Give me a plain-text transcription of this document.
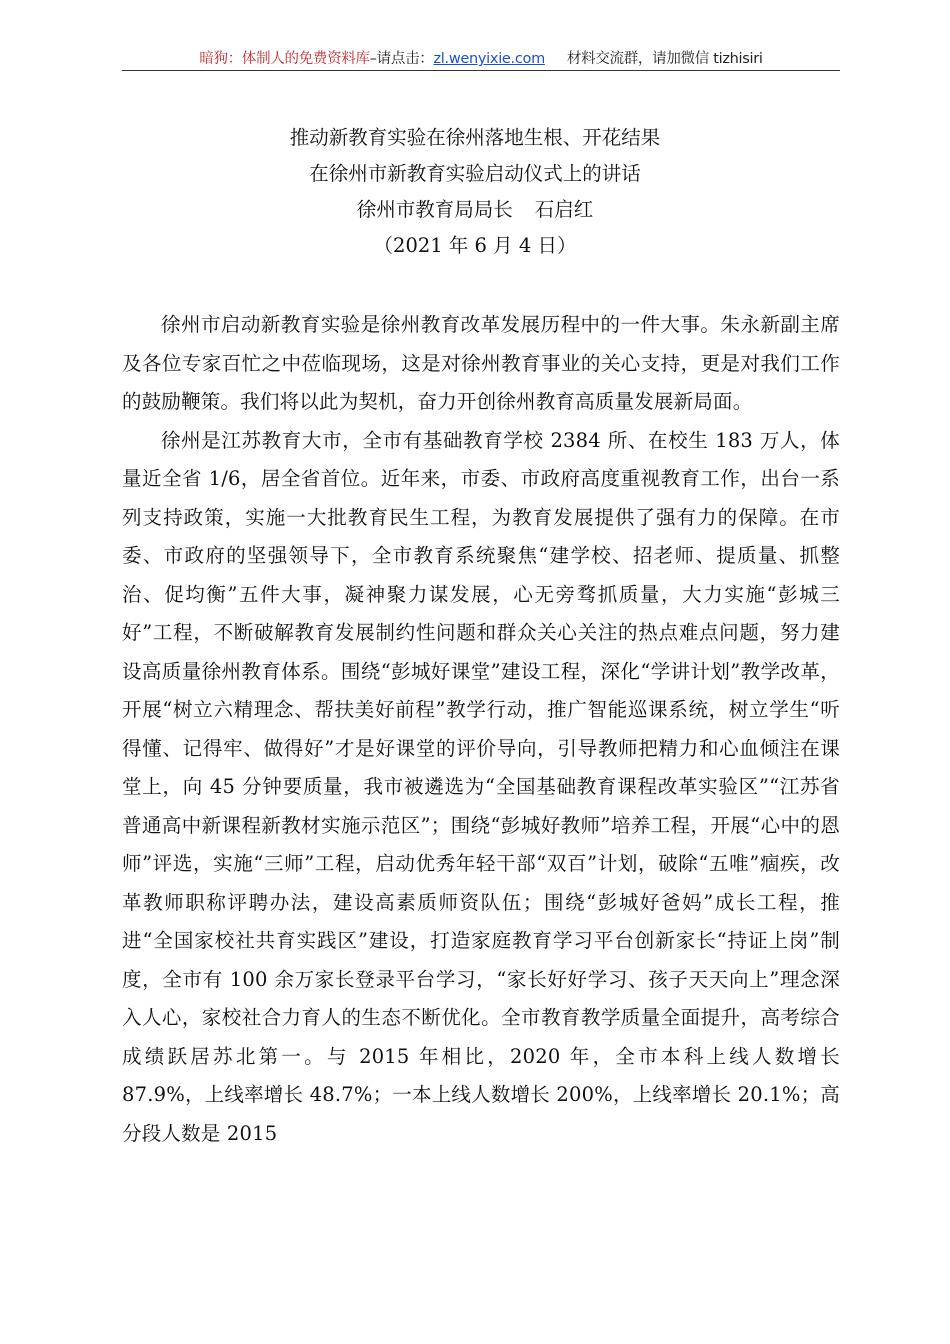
暗狗：体制人的免费资料库–请点击：zl.wenyixie.com 材料交流群，请加微信 tizhisiri
推动新教育实验在徐州落地生根、开花结果
在徐州市新教育实验启动仪式上的讲话
徐州市教育局局长 石启红
（2021 年 6 月 4 日）

徐州市启动新教育实验是徐州教育改革发展历程中的一件大事。朱永新副主席及各位专家百忙之中莅临现场，这是对徐州教育事业的关心支持，更是对我们工作的鼓励鞭策。我们将以此为契机，奋力开创徐州教育高质量发展新局面。

徐州是江苏教育大市，全市有基础教育学校 2384 所、在校生 183 万人，体量近全省 1/6，居全省首位。近年来，市委、市政府高度重视教育工作，出台一系列支持政策，实施一大批教育民生工程，为教育发展提供了强有力的保障。在市委、市政府的坚强领导下，全市教育系统聚焦“建学校、招老师、提质量、抓整治、促均衡”五件大事，凝神聚力谋发展，心无旁骛抓质量，大力实施“彭城三好”工程，不断破解教育发展制约性问题和群众关心关注的热点难点问题，努力建设高质量徐州教育体系。围绕“彭城好课堂”建设工程，深化“学讲计划”教学改革，开展“树立六精理念、帮扶美好前程”教学行动，推广智能巡课系统，树立学生“听得懂、记得牢、做得好”才是好课堂的评价导向，引导教师把精力和心血倾注在课堂上，向 45 分钟要质量，我市被遴选为“全国基础教育课程改革实验区”“江苏省普通高中新课程新教材实施示范区”；围绕“彭城好教师”培养工程，开展“心中的恩师”评选，实施“三师”工程，启动优秀年轻干部“双百”计划，破除“五唯”痼疾，改革教师职称评聘办法，建设高素质师资队伍；围绕“彭城好爸妈”成长工程，推进“全国家校社共育实践区”建设，打造家庭教育学习平台创新家长“持证上岗”制度，全市有 100 余万家长登录平台学习，“家长好好学习、孩子天天向上”理念深入人心，家校社合力育人的生态不断优化。全市教育教学质量全面提升，高考综合成绩跃居苏北第一。与 2015 年相比，2020 年，全市本科上线人数增长 87.9%，上线率增长 48.7%；一本上线人数增长 200%，上线率增长 20.1%；高分段人数是 2015
